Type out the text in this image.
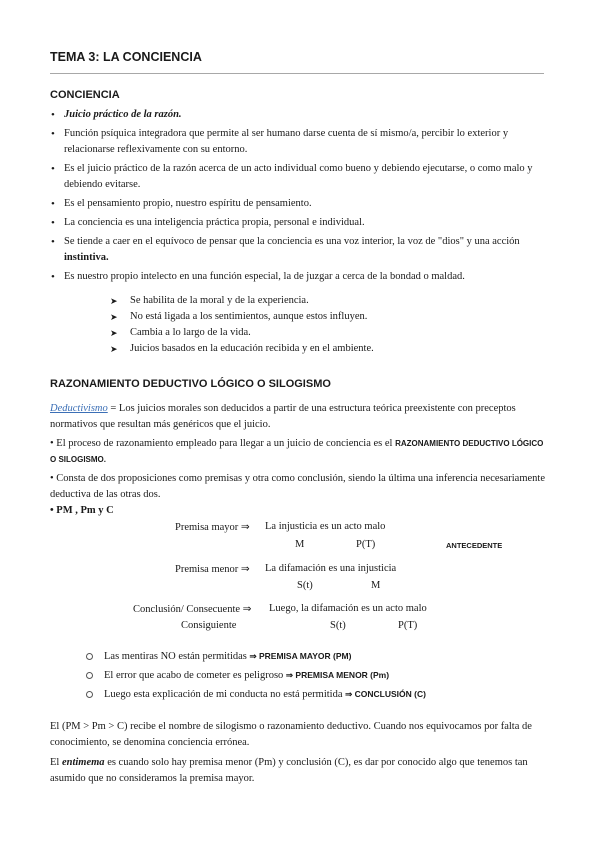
TEMA 3: LA CONCIENCIA
CONCIENCIA
• Juicio práctico de la razón.
• Función psíquica integradora que permite al ser humano darse cuenta de sí mismo/a, percibir lo exterior y relacionarse reflexivamente con su entorno.
• Es el juicio práctico de la razón acerca de un acto individual como bueno y debiendo ejecutarse, o como malo y debiendo evitarse.
• Es el pensamiento propio, nuestro espíritu de pensamiento.
• La conciencia es una inteligencia práctica propia, personal e individual.
• Se tiende a caer en el equívoco de pensar que la conciencia es una voz interior, la voz de "dios" y una acción instintiva.
• Es nuestro propio intelecto en una función especial, la de juzgar a cerca de la bondad o maldad.
➤ Se habilita de la moral y de la experiencia.
➤ No está ligada a los sentimientos, aunque estos influyen.
➤ Cambia a lo largo de la vida.
➤ Juicios basados en la educación recibida y en el ambiente.
RAZONAMIENTO DEDUCTIVO LÓGICO O SILOGISMO
Deductivismo = Los juicios morales son deducidos a partir de una estructura teórica preexistente con preceptos normativos que resultan más genéricos que el juicio.
• El proceso de razonamiento empleado para llegar a un juicio de conciencia es el RAZONAMIENTO DEDUCTIVO LÓGICO O SILOGISMO.
• Consta de dos proposiciones como premisas y otra como conclusión, siendo la última una inferencia necesariamente deductiva de las otras dos.
• PM , Pm y C
Premisa mayor ⇒ La injusticia es un acto malo
M	P(T)	ANTECEDENTE
Premisa menor ⇒ La difamación es una injusticia
S(t)	M
Conclusión/ Consecuente ⇒ Luego, la difamación es un acto malo
Consiguiente	S(t)	P(T)
Las mentiras NO están permitidas ⇒ PREMISA MAYOR (PM)
El error que acabo de cometer es peligroso ⇒ PREMISA MENOR (Pm)
Luego esta explicación de mi conducta no está permitida ⇒ CONCLUSIÓN (C)
El (PM > Pm > C) recibe el nombre de silogismo o razonamiento deductivo. Cuando nos equivocamos por falta de conocimiento, se denomina conciencia errónea.
El entimema es cuando solo hay premisa menor (Pm) y conclusión (C), es dar por conocido algo que tenemos tan asumido que no consideramos la premisa mayor.
